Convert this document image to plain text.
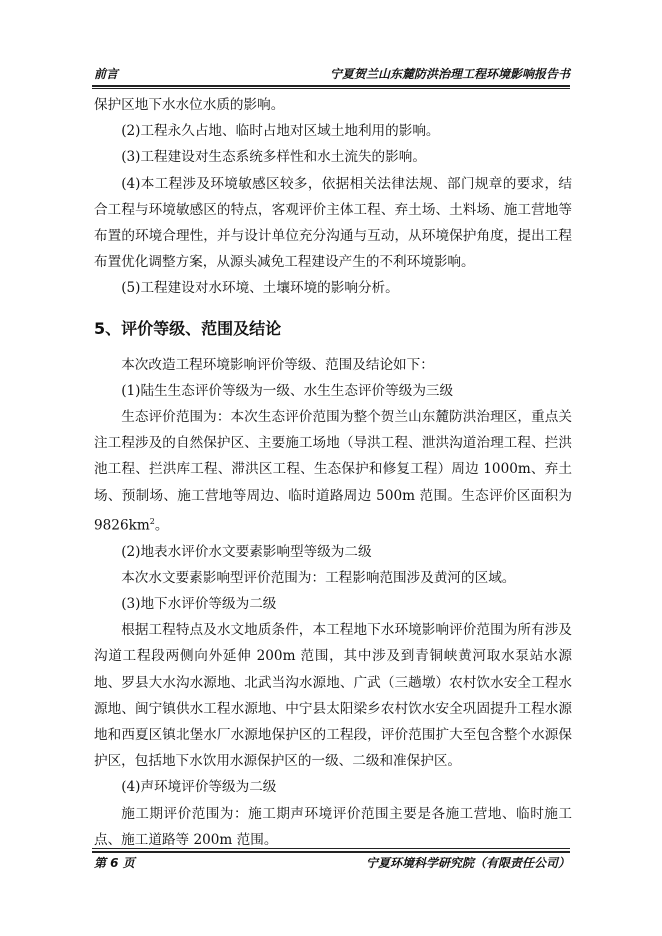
前言	宁夏贺兰山东麓防洪治理工程环境影响报告书

保护区地下水水位水质的影响。

(2)工程永久占地、临时占地对区域土地利用的影响。

(3)工程建设对生态系统多样性和水土流失的影响。

(4)本工程涉及环境敏感区较多，依据相关法律法规、部门规章的要求，结合工程与环境敏感区的特点，客观评价主体工程、弃土场、土料场、施工营地等布置的环境合理性，并与设计单位充分沟通与互动，从环境保护角度，提出工程布置优化调整方案，从源头减免工程建设产生的不利环境影响。

(5)工程建设对水环境、土壤环境的影响分析。

5、评价等级、范围及结论

本次改造工程环境影响评价等级、范围及结论如下：

(1)陆生生态评价等级为一级、水生生态评价等级为三级

生态评价范围为：本次生态评价范围为整个贺兰山东麓防洪治理区，重点关注工程涉及的自然保护区、主要施工场地（导洪工程、泄洪沟道治理工程、拦洪池工程、拦洪库工程、滞洪区工程、生态保护和修复工程）周边 1000m、弃土场、预制场、施工营地等周边、临时道路周边 500m 范围。生态评价区面积为 $9826km^2$。

(2)地表水评价水文要素影响型等级为二级

本次水文要素影响型评价范围为：工程影响范围涉及黄河的区域。

(3)地下水评价等级为二级

根据工程特点及水文地质条件，本工程地下水环境影响评价范围为所有涉及沟道工程段两侧向外延伸 200m 范围，其中涉及到青铜峡黄河取水泵站水源地、罗县大水沟水源地、北武当沟水源地、广武（三趟墩）农村饮水安全工程水源地、闽宁镇供水工程水源地、中宁县太阳梁乡农村饮水安全巩固提升工程水源地和西夏区镇北堡水厂水源地保护区的工程段，评价范围扩大至包含整个水源保护区，包括地下水饮用水源保护区的一级、二级和准保护区。

(4)声环境评价等级为二级

施工期评价范围为：施工期声环境评价范围主要是各施工营地、临时施工点、施工道路等 200m 范围。

第 6 页	宁夏环境科学研究院（有限责任公司）
